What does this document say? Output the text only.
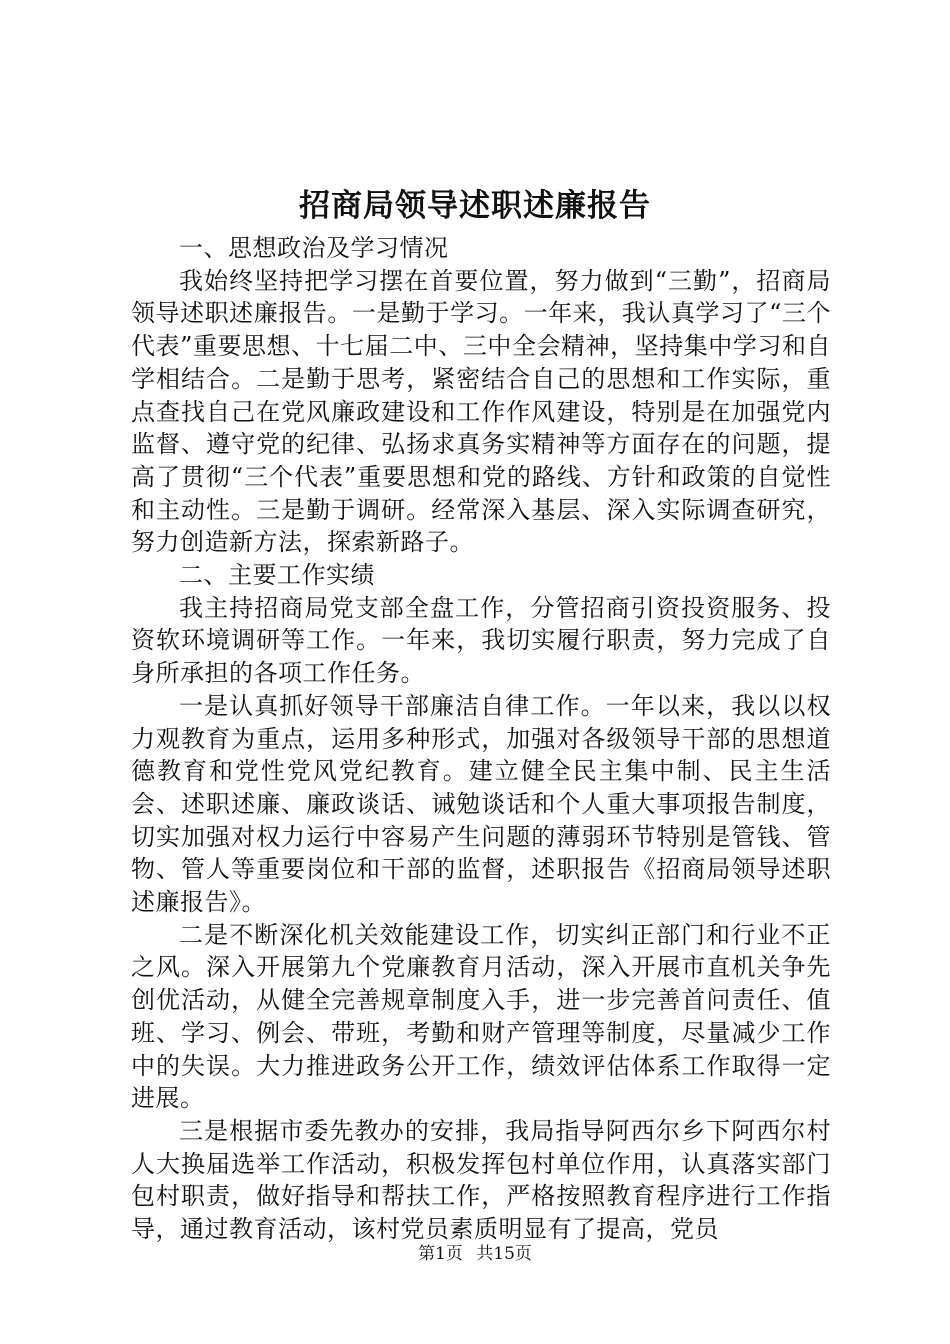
招商局领导述职述廉报告

一、思想政治及学习情况

我始终坚持把学习摆在首要位置，努力做到“三勤”，招商局领导述职述廉报告。一是勤于学习。一年来，我认真学习了“三个代表”重要思想、十七届二中、三中全会精神，坚持集中学习和自学相结合。二是勤于思考，紧密结合自己的思想和工作实际，重点查找自己在党风廉政建设和工作作风建设，特别是在加强党内监督、遵守党的纪律、弘扬求真务实精神等方面存在的问题，提高了贯彻“三个代表”重要思想和党的路线、方针和政策的自觉性和主动性。三是勤于调研。经常深入基层、深入实际调查研究，努力创造新方法，探索新路子。

二、主要工作实绩

我主持招商局党支部全盘工作，分管招商引资投资服务、投资软环境调研等工作。一年来，我切实履行职责，努力完成了自身所承担的各项工作任务。

一是认真抓好领导干部廉洁自律工作。一年以来，我以以权力观教育为重点，运用多种形式，加强对各级领导干部的思想道德教育和党性党风党纪教育。建立健全民主集中制、民主生活会、述职述廉、廉政谈话、诫勉谈话和个人重大事项报告制度，切实加强对权力运行中容易产生问题的薄弱环节特别是管钱、管物、管人等重要岗位和干部的监督，述职报告《招商局领导述职述廉报告》。

二是不断深化机关效能建设工作，切实纠正部门和行业不正之风。深入开展第九个党廉教育月活动，深入开展市直机关争先创优活动，从健全完善规章制度入手，进一步完善首问责任、值班、学习、例会、带班，考勤和财产管理等制度，尽量减少工作中的失误。大力推进政务公开工作，绩效评估体系工作取得一定进展。

三是根据市委先教办的安排，我局指导阿西尔乡下阿西尔村人大换届选举工作活动，积极发挥包村单位作用，认真落实部门包村职责，做好指导和帮扶工作，严格按照教育程序进行工作指导，通过教育活动，该村党员素质明显有了提高，党员

第1页 共15页
